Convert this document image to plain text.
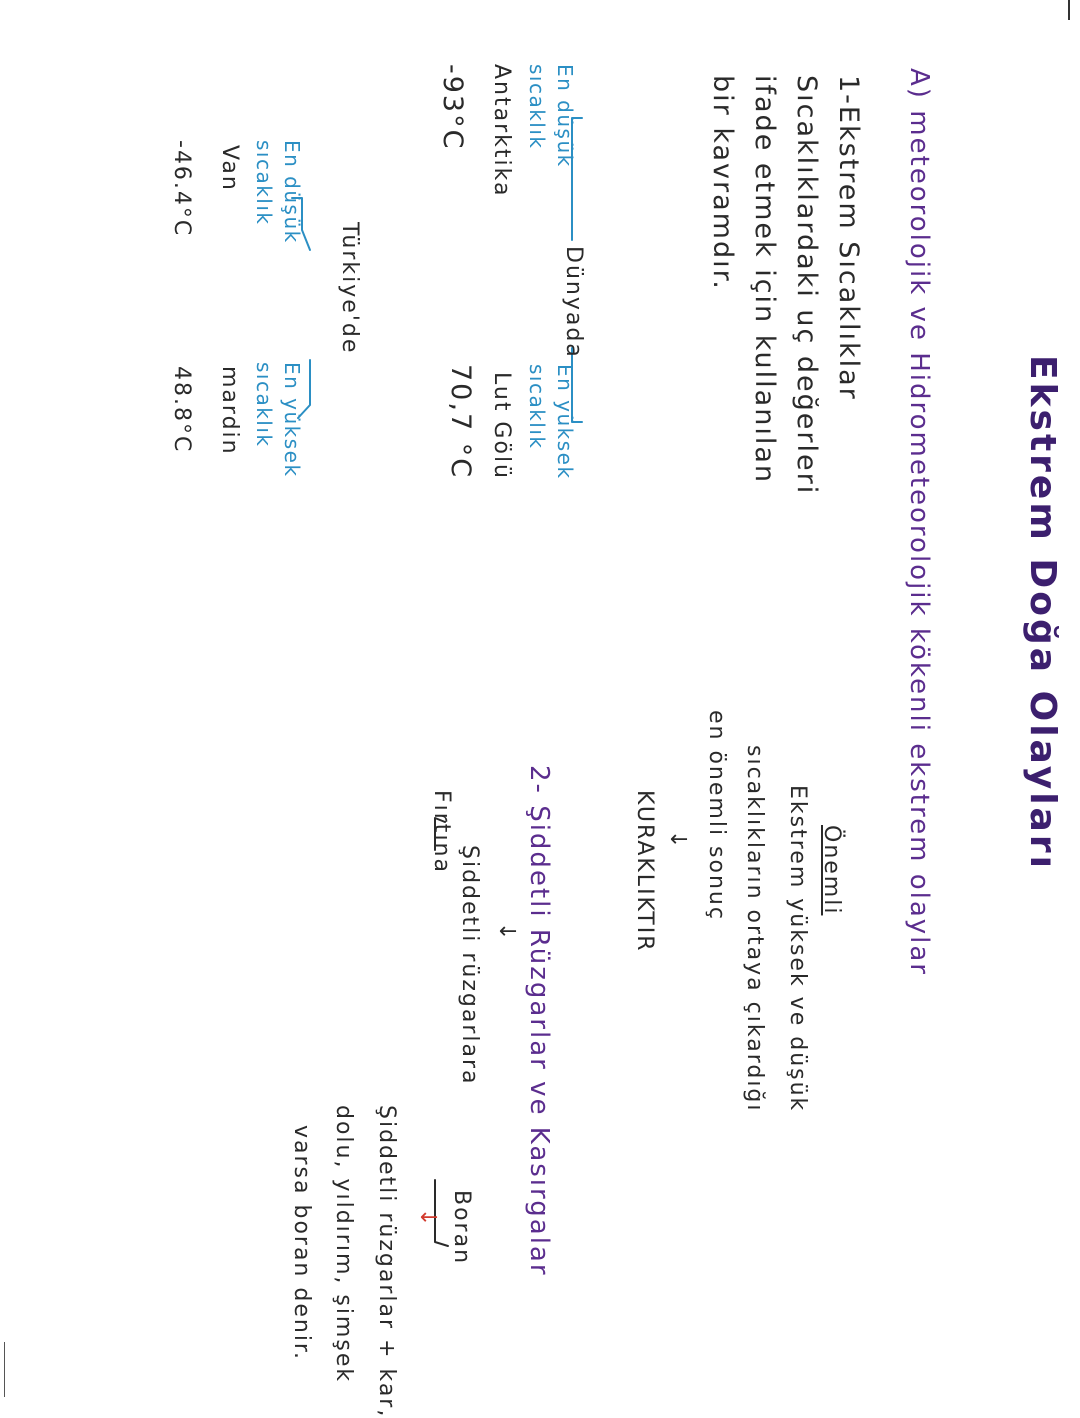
Ekstrem Doğa Olayları
A) meteorolojik ve Hidrometeorolojik kökenli ekstrem olaylar
1-Ekstrem Sıcaklıklar
Sıcaklıklardaki uç değerleri
ifade etmek için kullanılan
bir kavramdır.
Dünyada
En düşük
sıcaklık
Antarktika
-93°C
En yüksek
sıcaklık
Lut Gölü
70,7 °C
Türkiye'de
En düşük
sıcaklık
Van
-46.4°C
En yüksek
sıcaklık
mardin
48.8°C
Önemli
Ekstrem yüksek ve düşük
sıcaklıkların ortaya çıkardığı
en önemli sonuç
↓
KURAKLIKTIR
2- Şiddetli Rüzgarlar ve Kasırgalar
↓
Şiddetli rüzgarlara
Fırtına
Boran
↓
Şiddetli rüzgarlar + kar,
dolu, yıldırım, şimşek
varsa boran denir.
